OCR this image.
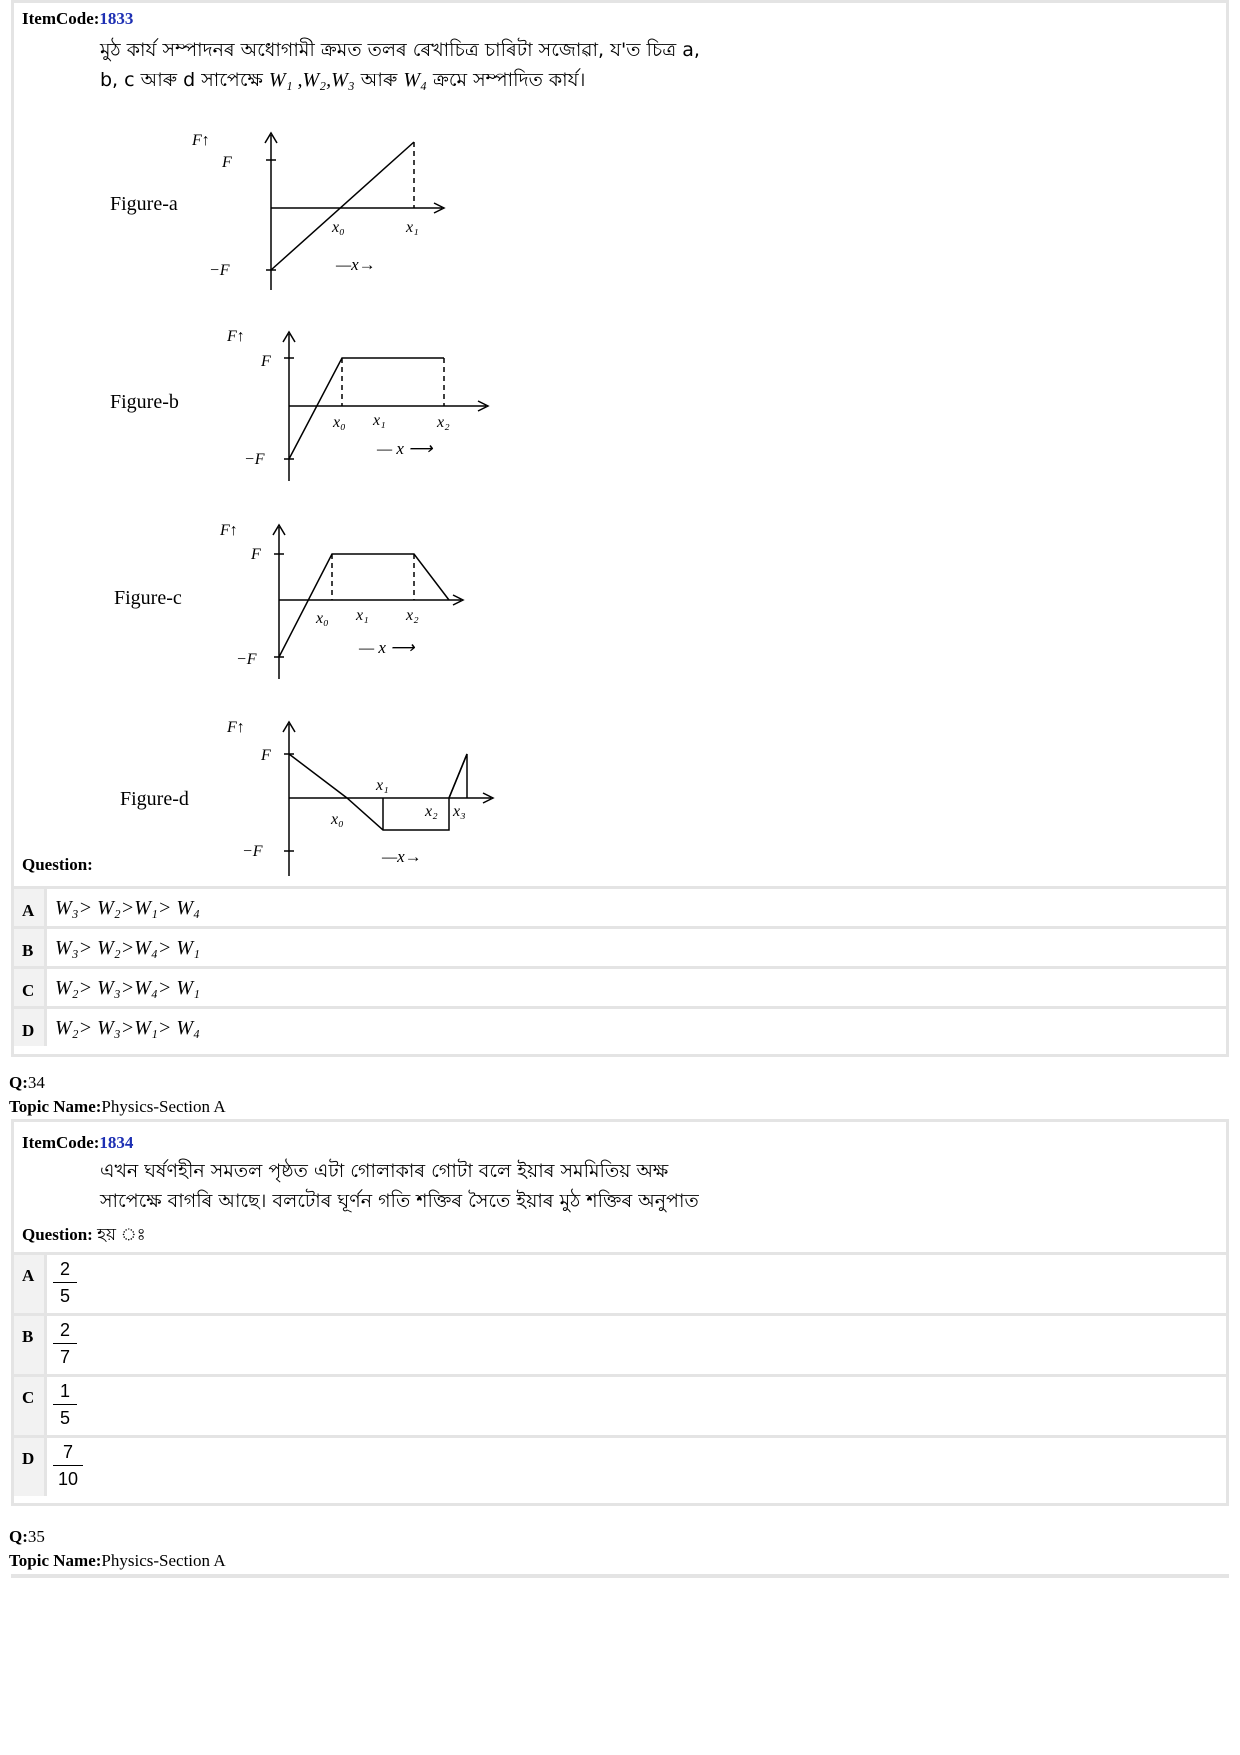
ItemCode:1833
মুঠ কাৰ্য সম্পাদনৰ অধোগামী ক্ৰমত তলৰ ৰেখাচিত্ৰ চাৰিটা সজোৱা, য'ত চিত্ৰ a,
b, c আৰু d সাপেক্ষে W₁ ,W₂,W₃ আৰু W₄ ক্ৰমে সম্পাদিত কাৰ্য।
Figure-a
F↑
F
−F
x₀	x₁
—x→
Figure-b
F↑
F
−F
x₀ x₁	x₂
— x ⟶
Figure-c
F↑
F
−F
x₀ x₁ x₂
— x ⟶
Figure-d
F↑
F
−F
x₀
x₁
x₂ x₃
—x→
Question:
A W₃> W₂>W₁> W₄
B W₃> W₂>W₄> W₁
C W₂> W₃>W₄> W₁
D W₂> W₃>W₁> W₄
Q:34
Topic Name:Physics-Section A
ItemCode:1834
এখন ঘৰ্ষণহীন সমতল পৃষ্ঠত এটা গোলাকাৰ গোটা বলে ইয়াৰ সমমিতিয় অক্ষ
সাপেক্ষে বাগৰি আছে। বলটোৰ ঘূৰ্ণন গতি শক্তিৰ সৈতে ইয়াৰ মুঠ শক্তিৰ অনুপাত
Question: হয় ঃ
A	2
5
B	2
7
C	1
5
D	7
10
Q:35
Topic Name:Physics-Section A
